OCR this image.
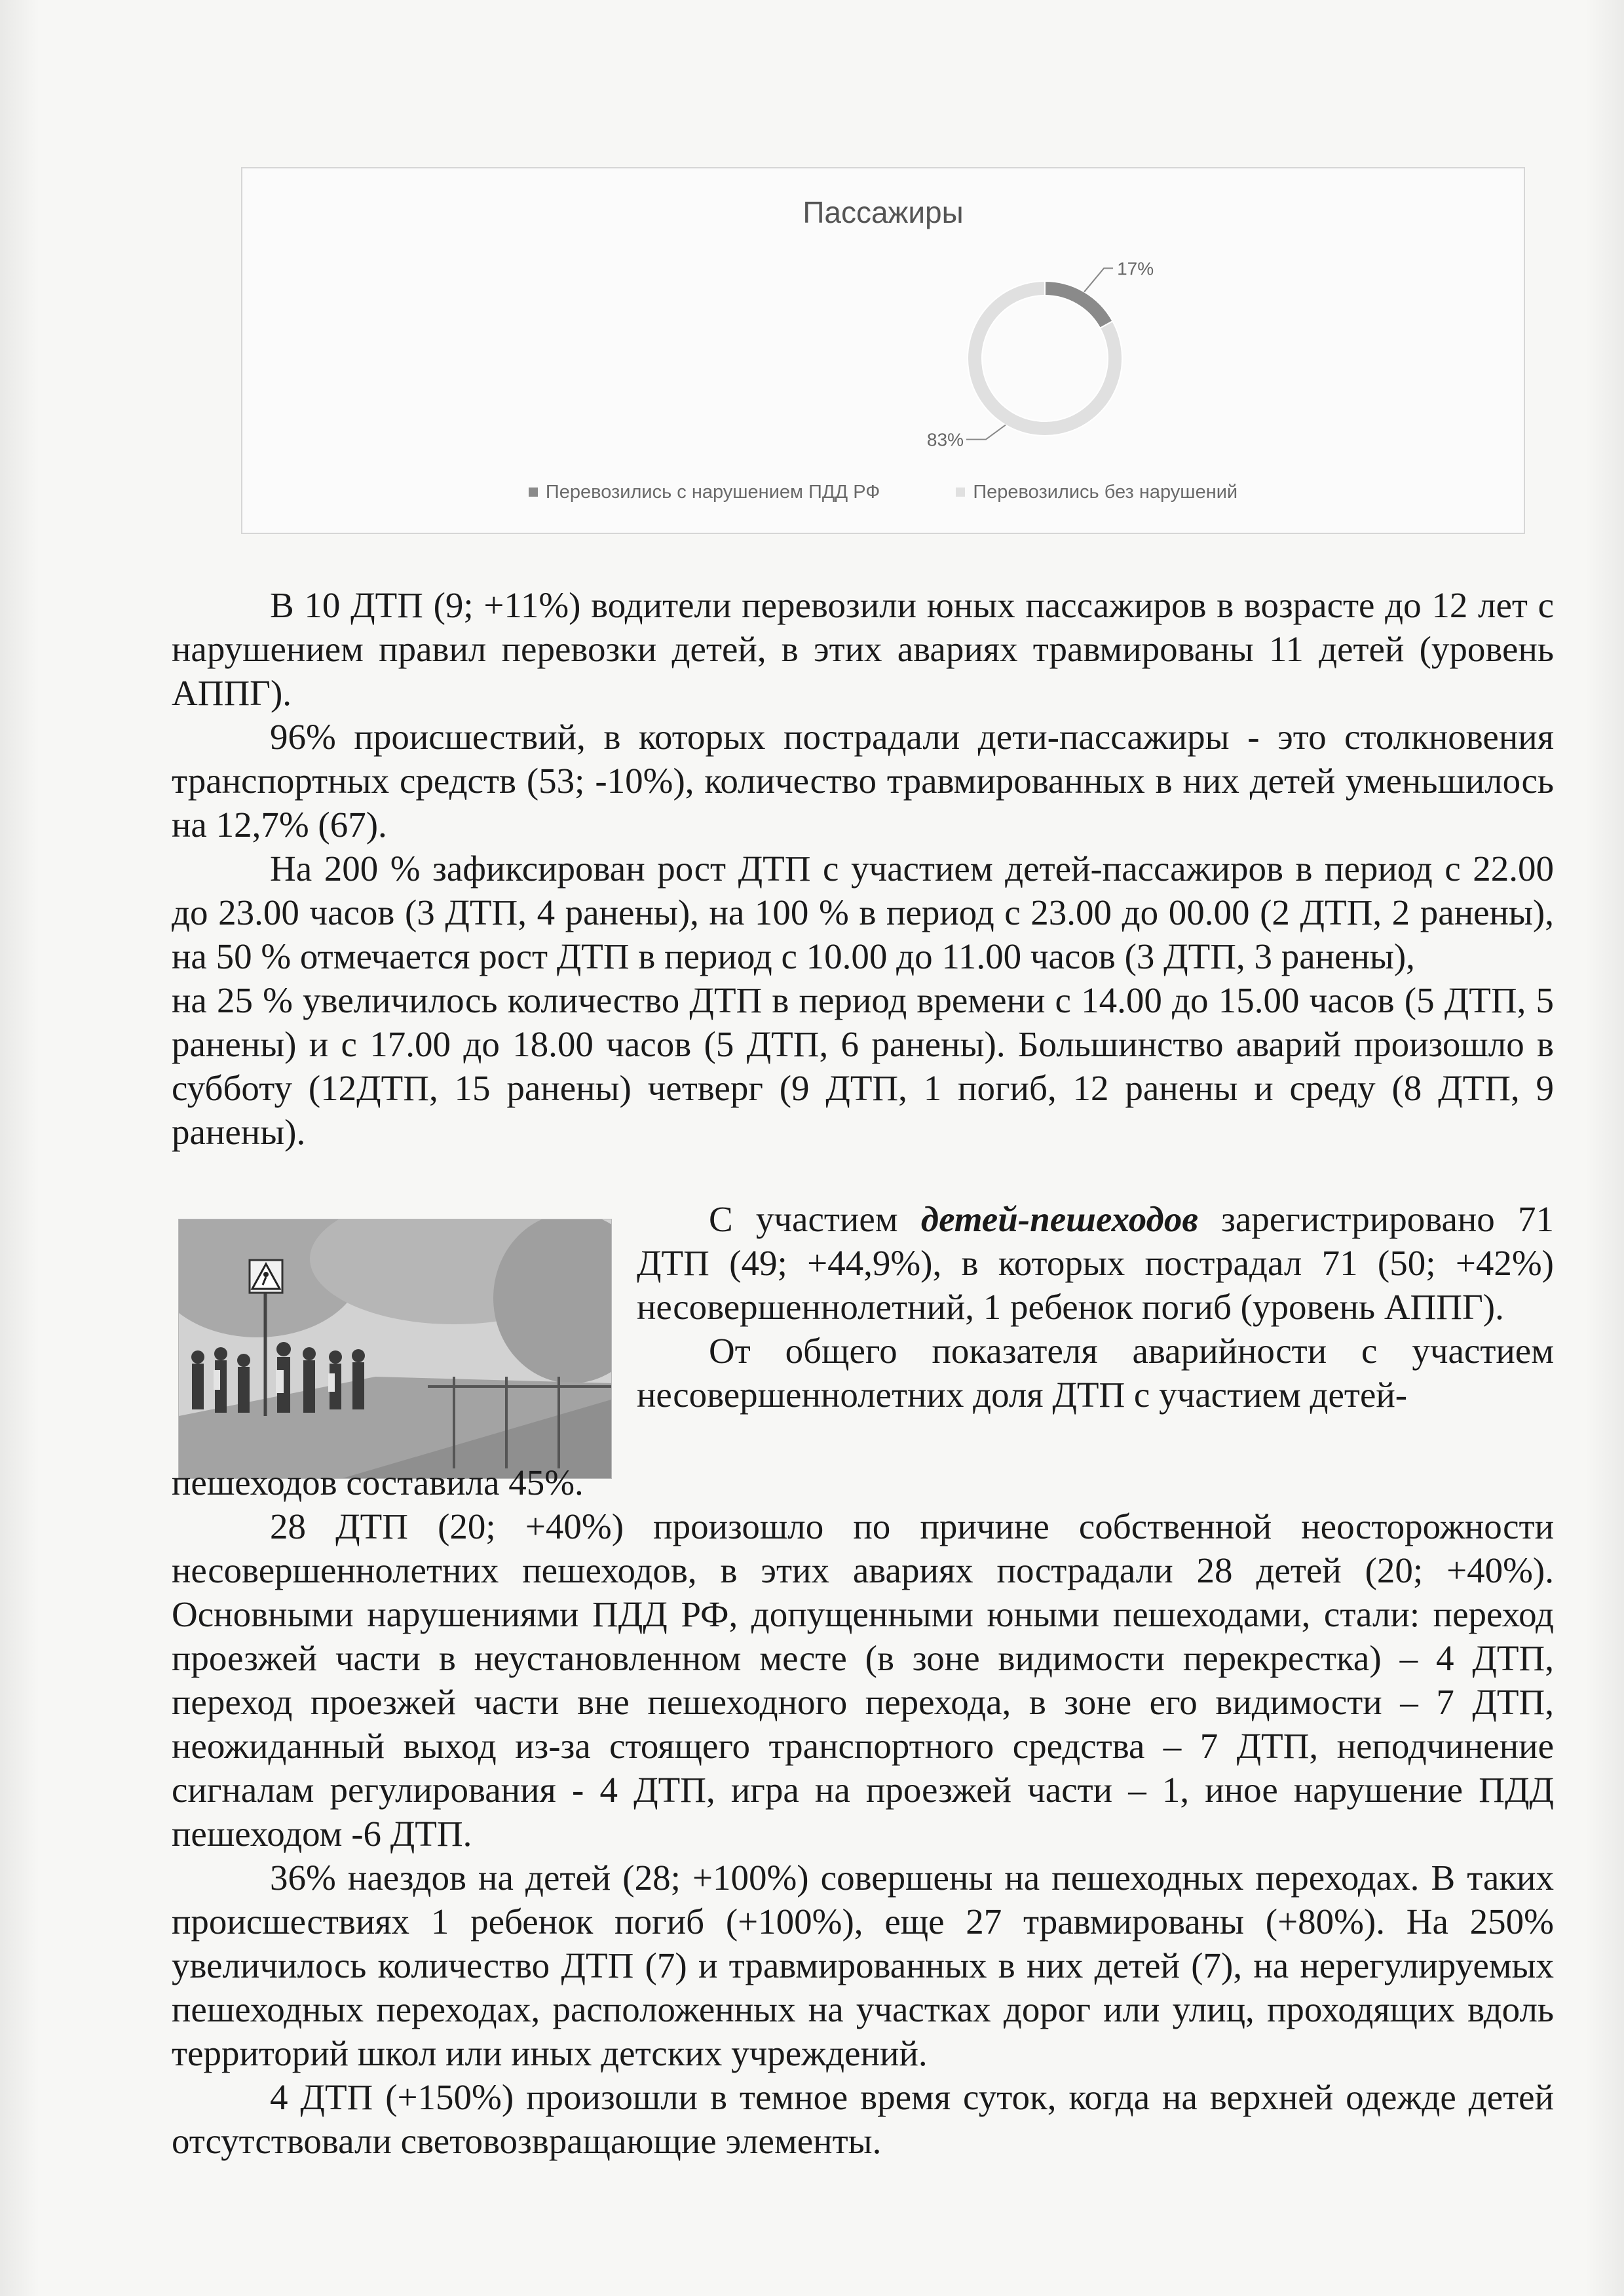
Пассажиры
17%
83%
Перевозились с нарушением ПДД РФ	Перевозились без нарушений

В 10 ДТП (9; +11%) водители перевозили юных пассажиров в возрасте до 12 лет с нарушением правил перевозки детей, в этих авариях травмированы 11 детей (уровень АППГ).

96% происшествий, в которых пострадали дети-пассажиры - это столкновения транспортных средств (53; -10%), количество травмированных в них детей уменьшилось на 12,7% (67).

На 200 % зафиксирован рост ДТП с участием детей-пассажиров в период с 22.00 до 23.00 часов (3 ДТП, 4 ранены), на 100 % в период с 23.00 до 00.00 (2 ДТП, 2 ранены), на 50 % отмечается рост ДТП в период с 10.00 до 11.00 часов (3 ДТП, 3 ранены),

на 25 % увеличилось количество ДТП в период времени с 14.00 до 15.00 часов (5 ДТП, 5 ранены) и с 17.00 до 18.00 часов (5 ДТП, 6 ранены). Большинство аварий произошло в субботу (12ДТП, 15 ранены) четверг (9 ДТП, 1 погиб, 12 ранены и среду (8 ДТП, 9 ранены).

С участием детей-пешеходов зарегистрировано 71 ДТП (49; +44,9%), в которых пострадал 71 (50; +42%) несовершеннолетний, 1 ребенок погиб (уровень АППГ).

От общего показателя аварийности с участием несовершеннолетних доля ДТП с участием детей-

пешеходов составила 45%.

28 ДТП (20; +40%) произошло по причине собственной неосторожности несовершеннолетних пешеходов, в этих авариях пострадали 28 детей (20; +40%). Основными нарушениями ПДД РФ, допущенными юными пешеходами, стали: переход проезжей части в неустановленном месте (в зоне видимости перекрестка) – 4 ДТП, переход проезжей части вне пешеходного перехода, в зоне его видимости – 7 ДТП, неожиданный выход из-за стоящего транспортного средства – 7 ДТП, неподчинение сигналам регулирования - 4 ДТП, игра на проезжей части – 1, иное нарушение ПДД пешеходом -6 ДТП.

36% наездов на детей (28; +100%) совершены на пешеходных переходах. В таких происшествиях 1 ребенок погиб (+100%), еще 27 травмированы (+80%). На 250% увеличилось количество ДТП (7) и травмированных в них детей (7), на нерегулируемых пешеходных переходах, расположенных на участках дорог или улиц, проходящих вдоль территорий школ или иных детских учреждений.

4 ДТП (+150%) произошли в темное время суток, когда на верхней одежде детей отсутствовали световозвращающие элементы.
